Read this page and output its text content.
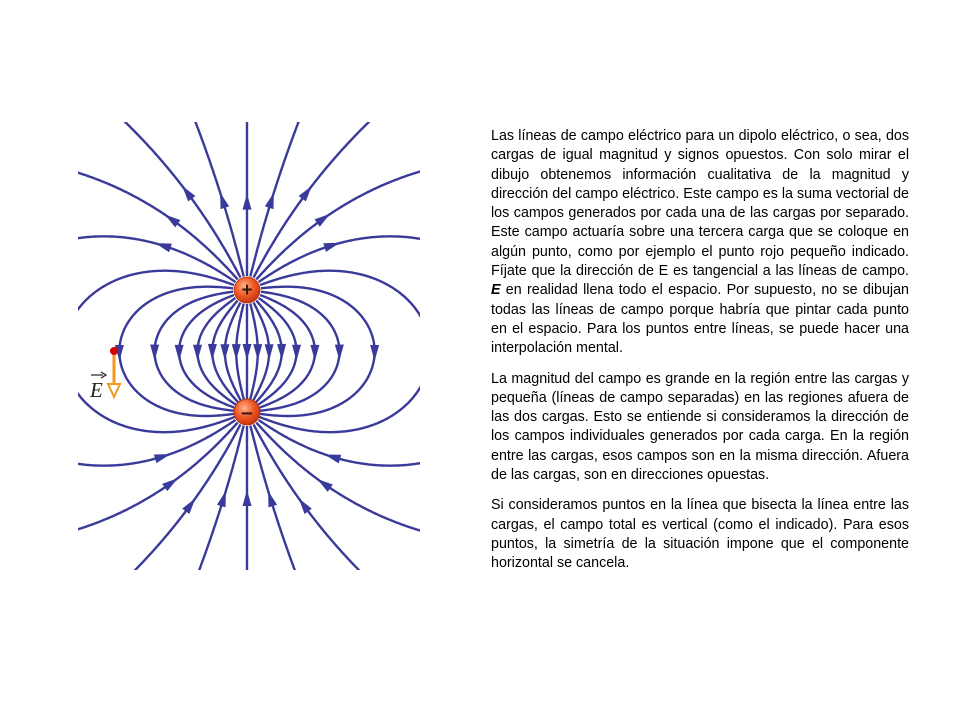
+
–
E

Las líneas de campo eléctrico para un dipolo eléctrico, o sea, dos cargas de igual magnitud y signos opuestos. Con solo mirar el dibujo obtenemos información cualitativa de la magnitud y dirección del campo eléctrico. Este campo es la suma vectorial de los campos generados por cada una de las cargas por separado. Este campo actuaría sobre una tercera carga que se coloque en algún punto, como por ejemplo el punto rojo pequeño indicado. Fíjate que la dirección de E es tangencial a las líneas de campo. E en realidad llena todo el espacio. Por supuesto, no se dibujan todas las líneas de campo porque habría que pintar cada punto en el espacio. Para los puntos entre líneas, se puede hacer una interpolación mental.

La magnitud del campo es grande en la región entre las cargas y pequeña (líneas de campo separadas) en las regiones afuera de las dos cargas. Esto se entiende si consideramos la dirección de los campos individuales generados por cada carga. En la región entre las cargas, esos campos son en la misma dirección. Afuera de las cargas, son en direcciones opuestas.

Si consideramos puntos en la línea que bisecta la línea entre las cargas, el campo total es vertical (como el indicado). Para esos puntos, la simetría de la situación impone que el componente horizontal se cancela.
